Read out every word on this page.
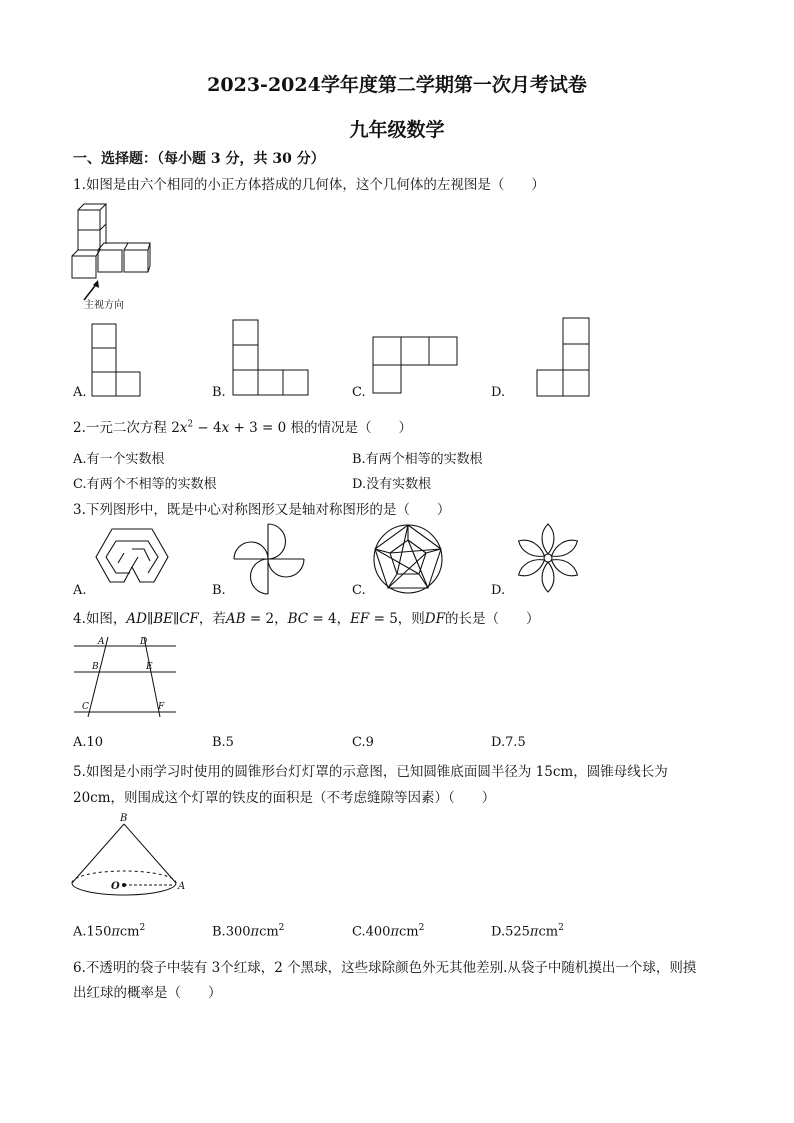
2023-2024学年度第二学期第一次月考试卷
九年级数学
一、选择题：（每小题 3 分，共 30 分）
1.如图是由六个相同的小正方体搭成的几何体，这个几何体的左视图是（　　）
主视方向
A.	B.	C.	D.
2.一元二次方程 $2x^2 - 4x + 3 = 0$ 根的情况是（　　）
A.有一个实数根	B.有两个相等的实数根
C.有两个不相等的实数根	D.没有实数根
3.下列图形中，既是中心对称图形又是轴对称图形的是（　　）
A.	B.	C.	D.
4.如图，AD∥BE∥CF，若AB = 2，BC = 4，EF = 5，则DF的长是（　　）
A	D
B	E
C	F
A.10	B.5	C.9	D.7.5
5.如图是小雨学习时使用的圆锥形台灯灯罩的示意图，已知圆锥底面圆半径为 15cm，圆锥母线长为
20cm，则围成这个灯罩的铁皮的面积是（不考虑缝隙等因素）（　　）
B
O	A
A.150πcm$^2$	B.300πcm$^2$	C.400πcm$^2$	D.525πcm$^2$
6.不透明的袋子中装有 3个红球，2 个黑球，这些球除颜色外无其他差别.从袋子中随机摸出一个球，则摸
出红球的概率是（　　）
